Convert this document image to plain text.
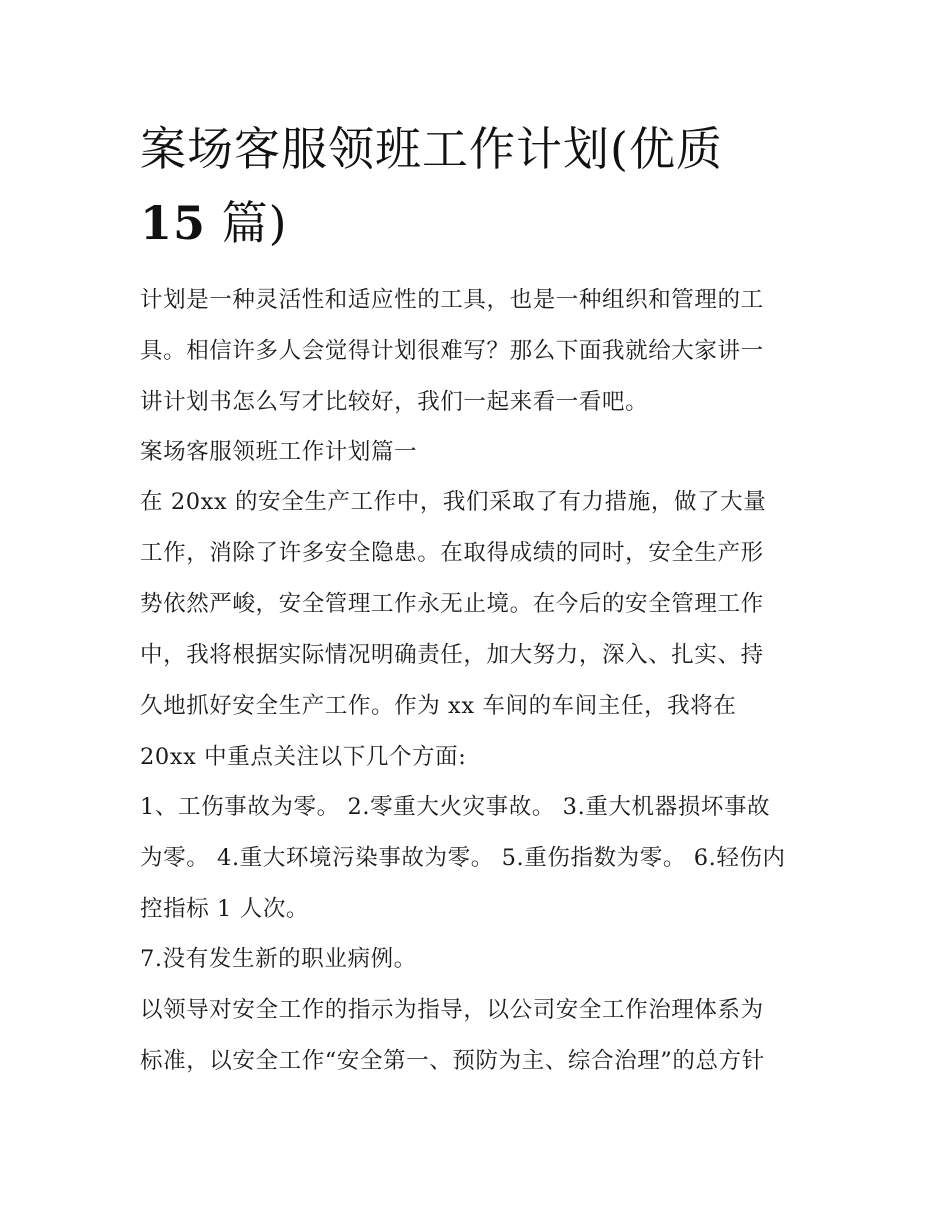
案场客服领班工作计划(优质
15 篇)

计划是一种灵活性和适应性的工具，也是一种组织和管理的工

具。相信许多人会觉得计划很难写？那么下面我就给大家讲一

讲计划书怎么写才比较好，我们一起来看一看吧。

案场客服领班工作计划篇一

在 20xx 的安全生产工作中，我们采取了有力措施，做了大量

工作，消除了许多安全隐患。在取得成绩的同时，安全生产形

势依然严峻，安全管理工作永无止境。在今后的安全管理工作

中，我将根据实际情况明确责任，加大努力，深入、扎实、持

久地抓好安全生产工作。作为 xx 车间的车间主任，我将在

20xx 中重点关注以下几个方面:

1、工伤事故为零。 2.零重大火灾事故。 3.重大机器损坏事故

为零。 4.重大环境污染事故为零。 5.重伤指数为零。 6.轻伤内

控指标 1 人次。

7.没有发生新的职业病例。

以领导对安全工作的指示为指导，以公司安全工作治理体系为

标准，以安全工作“安全第一、预防为主、综合治理”的总方针
